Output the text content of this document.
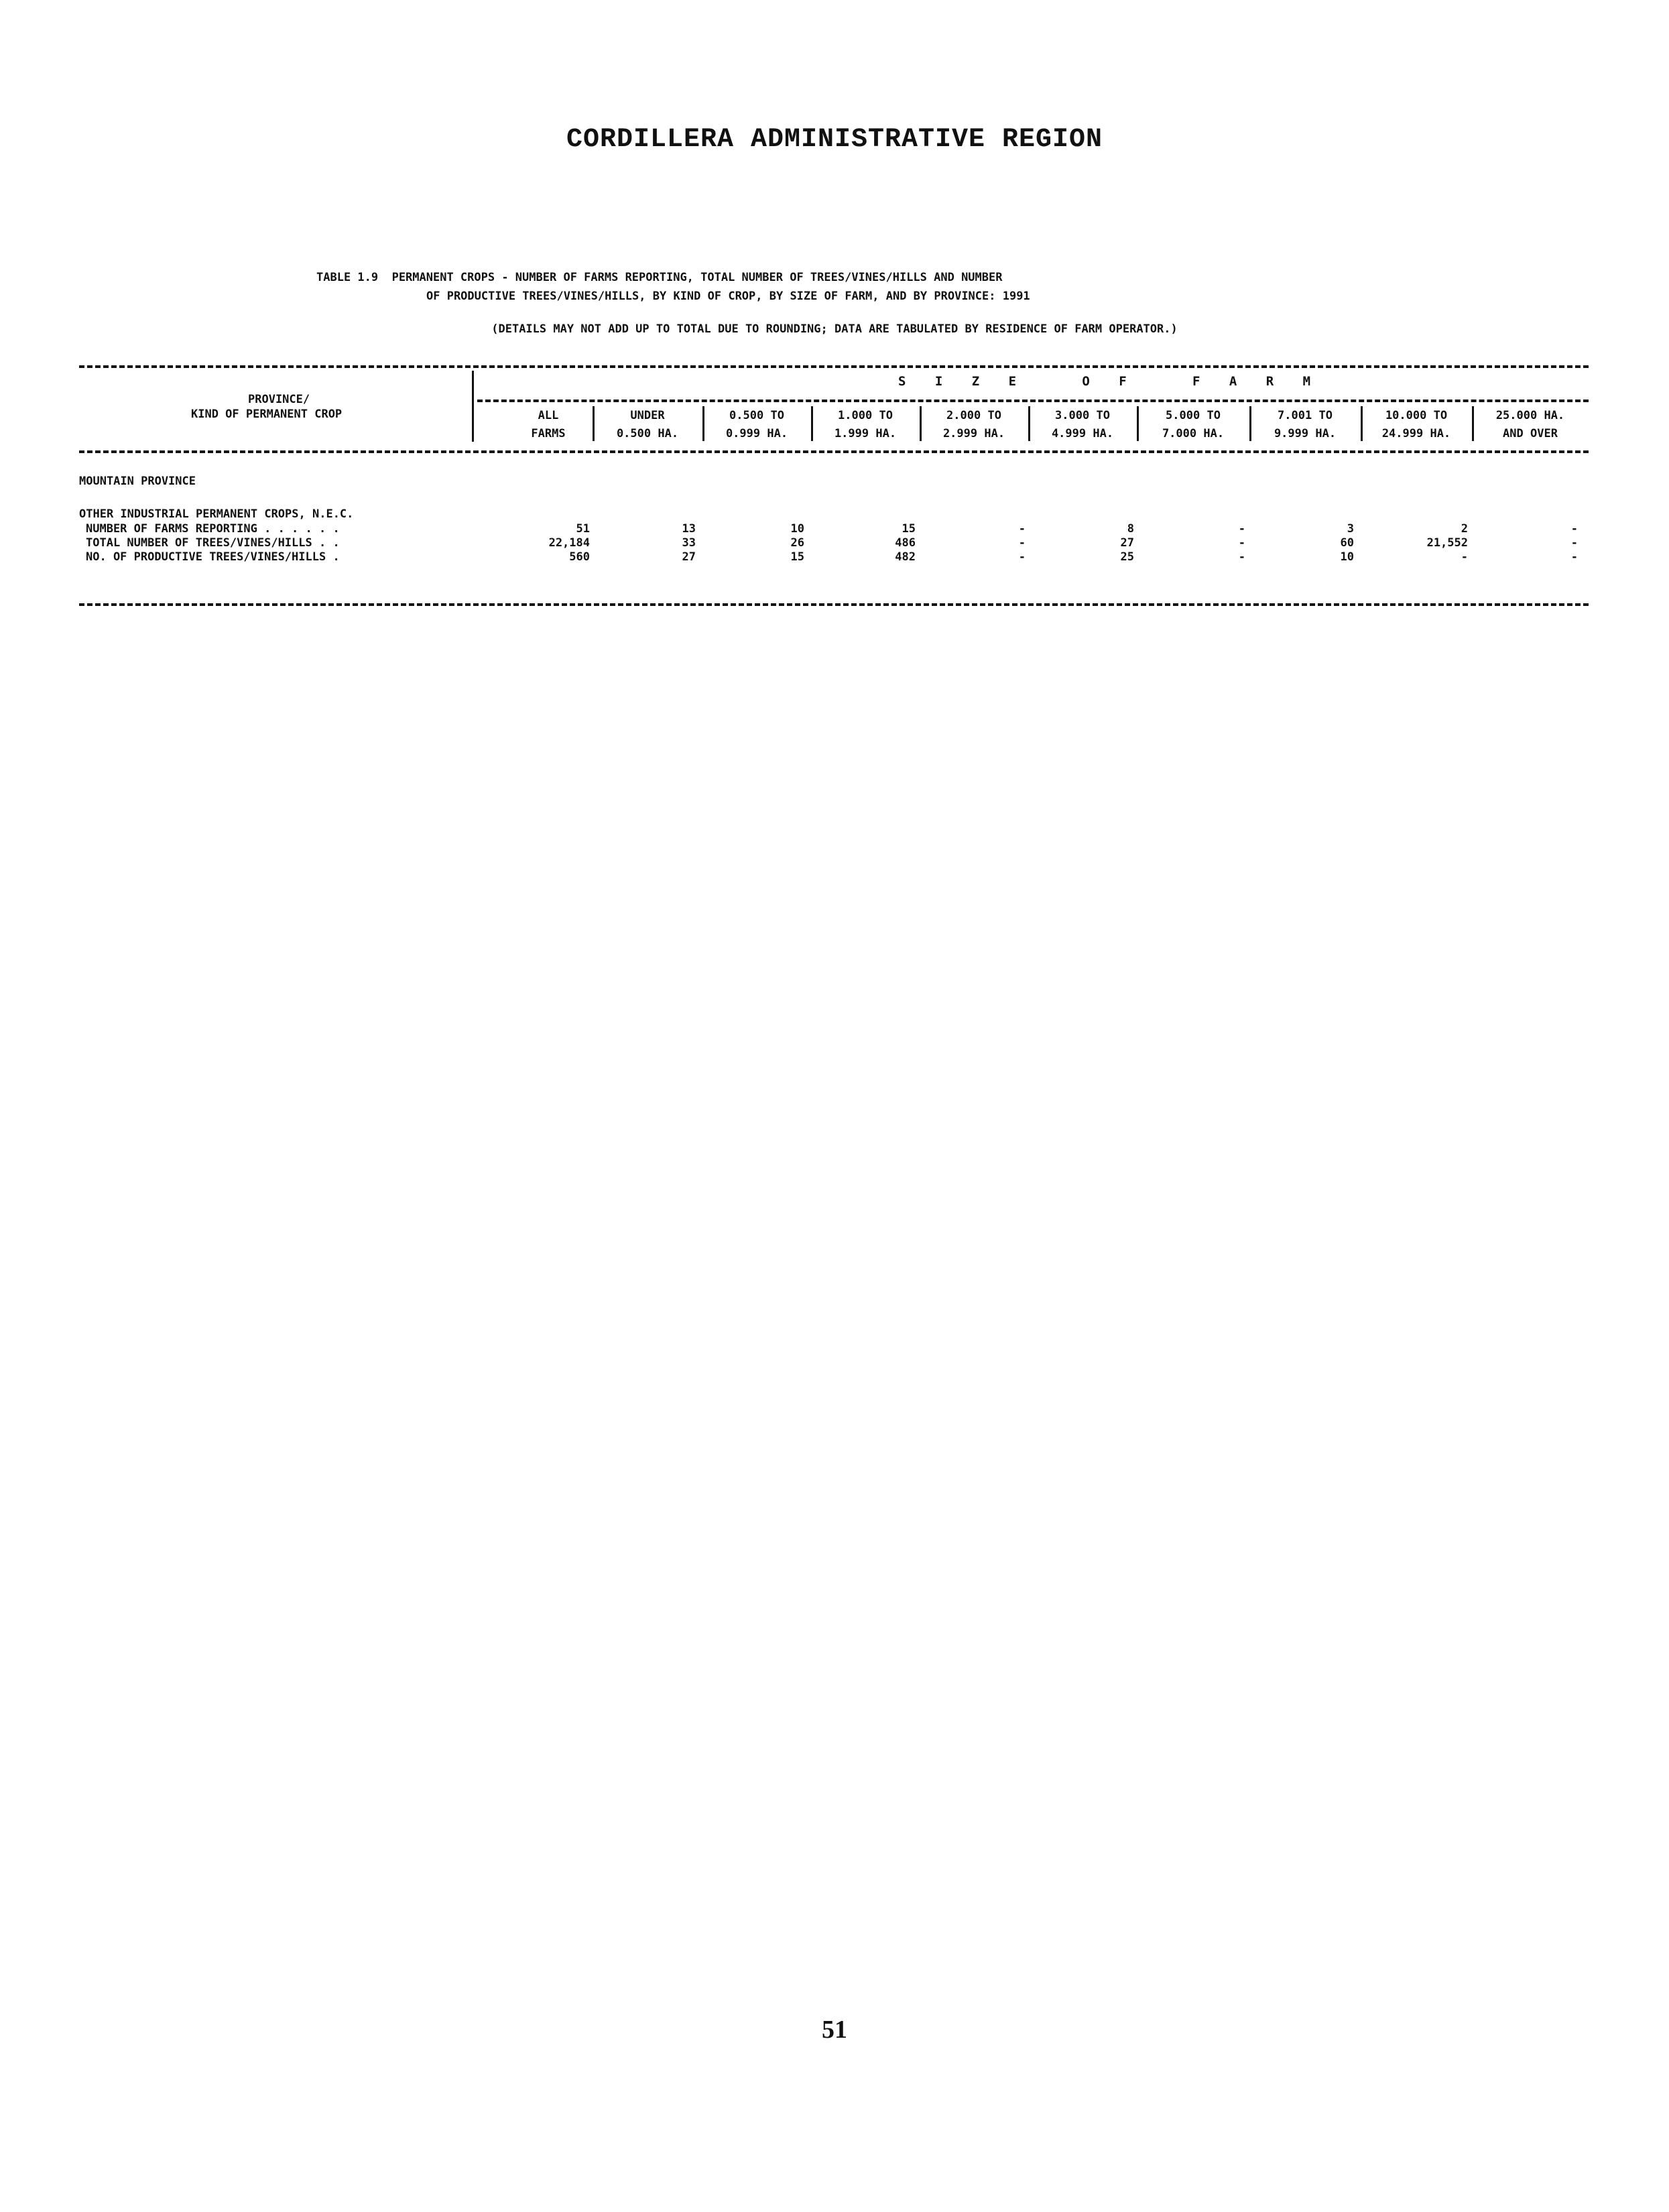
CORDILLERA ADMINISTRATIVE REGION
TABLE 1.9  PERMANENT CROPS - NUMBER OF FARMS REPORTING, TOTAL NUMBER OF TREES/VINES/HILLS AND NUMBER
OF PRODUCTIVE TREES/VINES/HILLS, BY KIND OF CROP, BY SIZE OF FARM, AND BY PROVINCE: 1991
(DETAILS MAY NOT ADD UP TO TOTAL DUE TO ROUNDING; DATA ARE TABULATED BY RESIDENCE OF FARM OPERATOR.)
PROVINCE/
KIND OF PERMANENT CROP
S I Z E   O F   F A R M
ALL
FARMS
UNDER
0.500 HA.
0.500 TO
0.999 HA.
1.000 TO
1.999 HA.
2.000 TO
2.999 HA.
3.000 TO
4.999 HA.
5.000 TO
7.000 HA.
7.001 TO
9.999 HA.
10.000 TO
24.999 HA.
25.000 HA.
AND OVER
MOUNTAIN PROVINCE
OTHER INDUSTRIAL PERMANENT CROPS, N.E.C.
NUMBER OF FARMS REPORTING . . . . . .	51	13	10	15	-	8	-	3	2	-
TOTAL NUMBER OF TREES/VINES/HILLS . .	22,184	33	26	486	-	27	-	60	21,552	-
NO. OF PRODUCTIVE TREES/VINES/HILLS .	560	27	15	482	-	25	-	10	-	-
51
